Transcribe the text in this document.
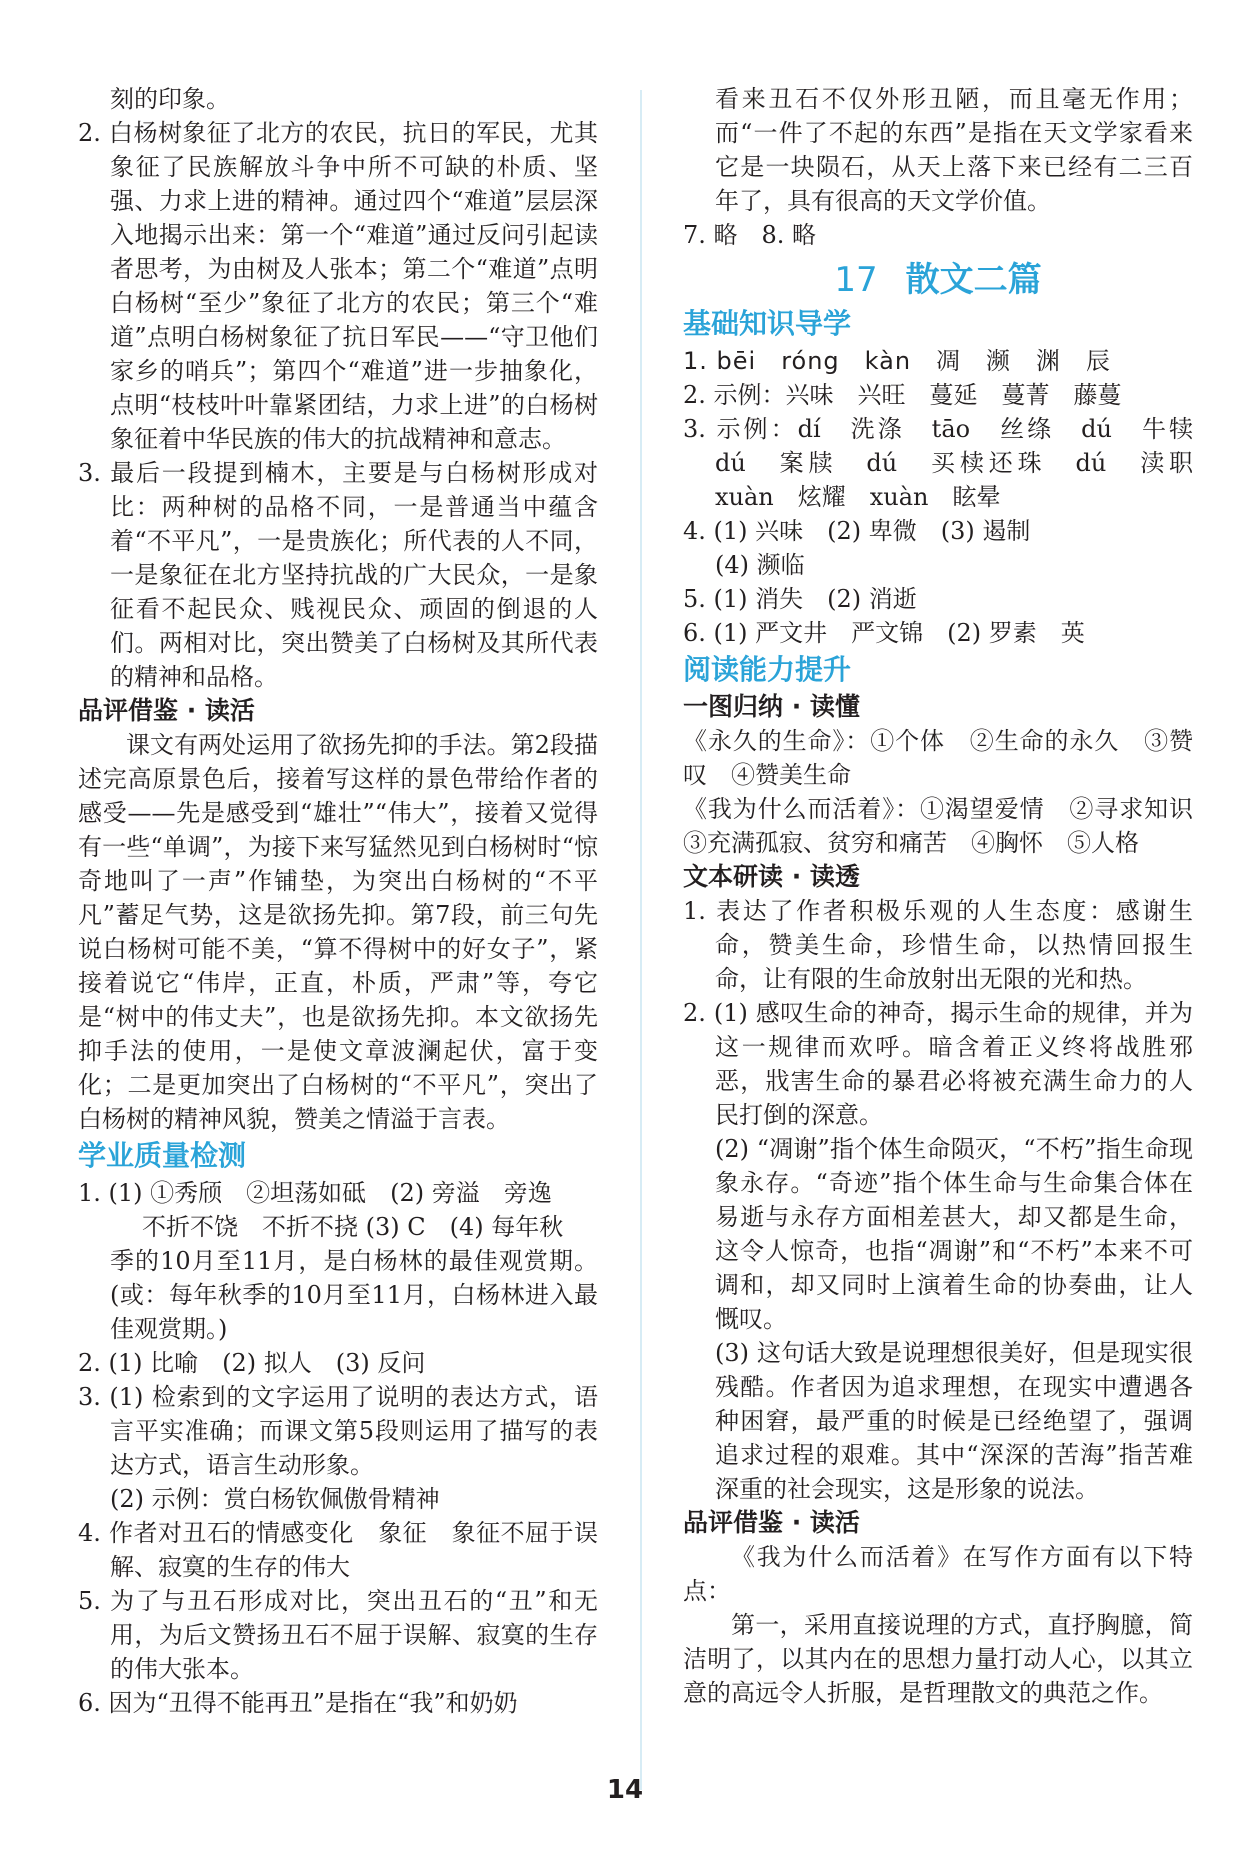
刻的印象。

2. 白杨树象征了北方的农民，抗日的军民，尤其象征了民族解放斗争中所不可缺的朴质、坚强、力求上进的精神。通过四个“难道”层层深入地揭示出来：第一个“难道”通过反问引起读者思考，为由树及人张本；第二个“难道”点明白杨树“至少”象征了北方的农民；第三个“难道”点明白杨树象征了抗日军民——“守卫他们家乡的哨兵”；第四个“难道”进一步抽象化，点明“枝枝叶叶靠紧团结，力求上进”的白杨树象征着中华民族的伟大的抗战精神和意志。

3. 最后一段提到楠木，主要是与白杨树形成对比：两种树的品格不同，一是普通当中蕴含着“不平凡”，一是贵族化；所代表的人不同，一是象征在北方坚持抗战的广大民众，一是象征看不起民众、贱视民众、顽固的倒退的人们。两相对比，突出赞美了白杨树及其所代表的精神和品格。

品评借鉴 · 读活

课文有两处运用了欲扬先抑的手法。第2段描述完高原景色后，接着写这样的景色带给作者的感受——先是感受到“雄壮”“伟大”，接着又觉得有一些“单调”，为接下来写猛然见到白杨树时“惊奇地叫了一声”作铺垫，为突出白杨树的“不平凡”蓄足气势，这是欲扬先抑。第7段，前三句先说白杨树可能不美，“算不得树中的好女子”，紧接着说它“伟岸，正直，朴质，严肃”等，夸它是“树中的伟丈夫”，也是欲扬先抑。本文欲扬先抑手法的使用，一是使文章波澜起伏，富于变化；二是更加突出了白杨树的“不平凡”，突出了白杨树的精神风貌，赞美之情溢于言表。

学业质量检测

1. (1) ①秀颀　②坦荡如砥　(2) 旁溢　旁逸

不折不饶　不折不挠 (3) C　(4) 每年秋

季的10月至11月，是白杨林的最佳观赏期。(或：每年秋季的10月至11月，白杨林进入最佳观赏期。)

2. (1) 比喻　(2) 拟人　(3) 反问

3. (1) 检索到的文字运用了说明的表达方式，语言平实准确；而课文第5段则运用了描写的表达方式，语言生动形象。

(2) 示例：赏白杨钦佩傲骨精神

4. 作者对丑石的情感变化　象征　象征不屈于误解、寂寞的生存的伟大

5. 为了与丑石形成对比，突出丑石的“丑”和无用，为后文赞扬丑石不屈于误解、寂寞的生存的伟大张本。

6. 因为“丑得不能再丑”是指在“我”和奶奶

看来丑石不仅外形丑陋，而且毫无作用；而“一件了不起的东西”是指在天文学家看来它是一块陨石，从天上落下来已经有二三百年了，具有很高的天文学价值。

7. 略　8. 略

17 散文二篇
基础知识导学

1. bēi　róng　kàn　凋　濒　渊　辰

2. 示例：兴味　兴旺　蔓延　蔓菁　藤蔓

3. 示例：dí　洗涤　tāo　丝绦　dú　牛犊　dú　案牍　dú　买椟还珠　dú　渎职　xuàn　炫耀　xuàn　眩晕

4. (1) 兴味　(2) 卑微　(3) 遏制

(4) 濒临

5. (1) 消失　(2) 消逝

6. (1) 严文井　严文锦　(2) 罗素　英

阅读能力提升
一图归纳 · 读懂

《永久的生命》：①个体　②生命的永久　③赞叹　④赞美生命

《我为什么而活着》：①渴望爱情　②寻求知识　③充满孤寂、贫穷和痛苦　④胸怀　⑤人格

文本研读 · 读透

1. 表达了作者积极乐观的人生态度：感谢生命，赞美生命，珍惜生命，以热情回报生命，让有限的生命放射出无限的光和热。

2. (1) 感叹生命的神奇，揭示生命的规律，并为这一规律而欢呼。暗含着正义终将战胜邪恶，戕害生命的暴君必将被充满生命力的人民打倒的深意。

(2) “凋谢”指个体生命陨灭，“不朽”指生命现象永存。“奇迹”指个体生命与生命集合体在易逝与永存方面相差甚大，却又都是生命，这令人惊奇，也指“凋谢”和“不朽”本来不可调和，却又同时上演着生命的协奏曲，让人慨叹。

(3) 这句话大致是说理想很美好，但是现实很残酷。作者因为追求理想，在现实中遭遇各种困窘，最严重的时候是已经绝望了，强调追求过程的艰难。其中“深深的苦海”指苦难深重的社会现实，这是形象的说法。

品评借鉴 · 读活

《我为什么而活着》在写作方面有以下特点：

第一，采用直接说理的方式，直抒胸臆，简洁明了，以其内在的思想力量打动人心，以其立意的高远令人折服，是哲理散文的典范之作。

14
